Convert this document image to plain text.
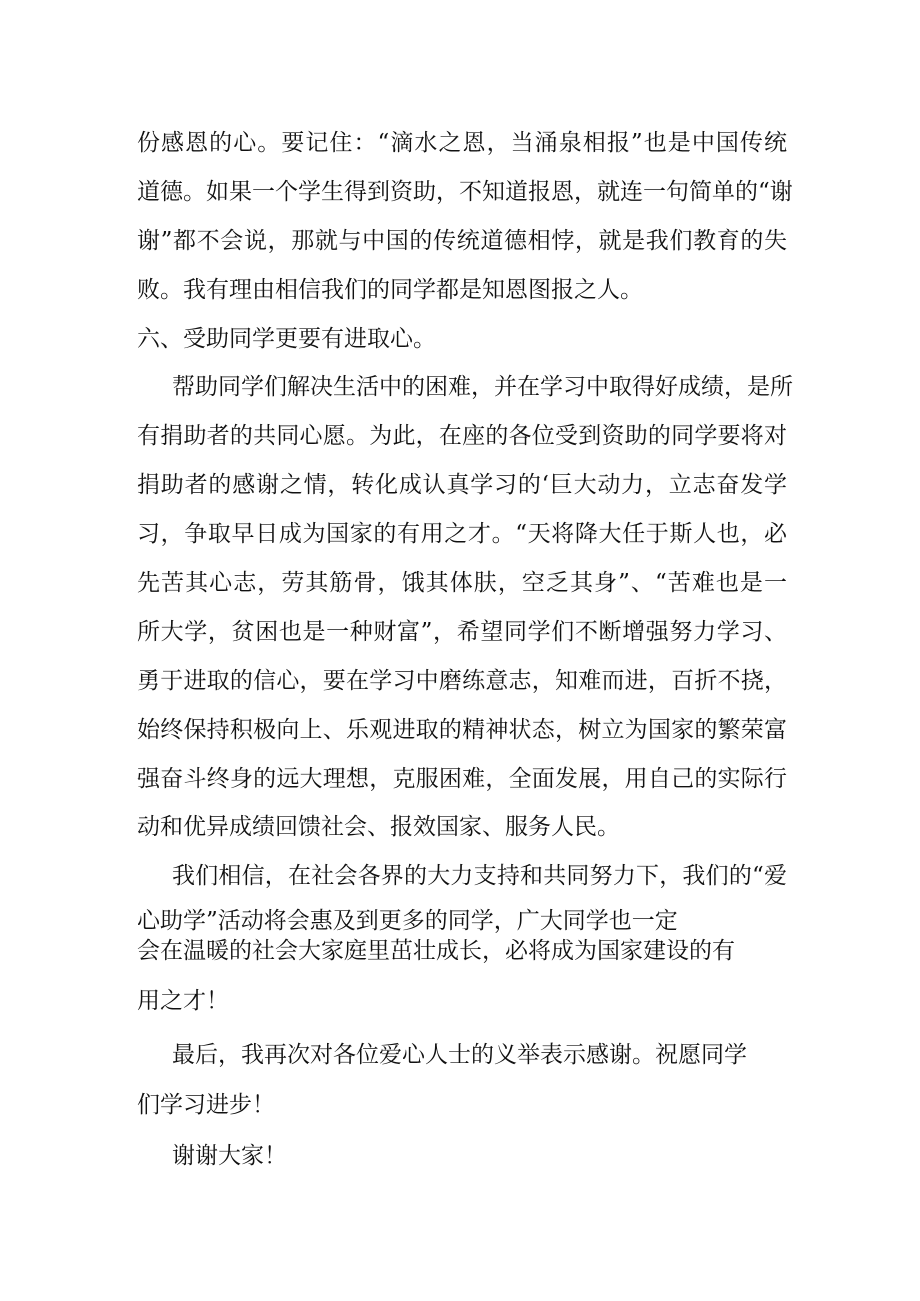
份感恩的心。要记住：“滴水之恩，当涌泉相报”也是中国传统

道德。如果一个学生得到资助，不知道报恩，就连一句简单的“谢

谢”都不会说，那就与中国的传统道德相悖，就是我们教育的失

败。我有理由相信我们的同学都是知恩图报之人。

六、受助同学更要有进取心。

帮助同学们解决生活中的困难，并在学习中取得好成绩，是所

有捐助者的共同心愿。为此，在座的各位受到资助的同学要将对

捐助者的感谢之情，转化成认真学习的‘巨大动力，立志奋发学

习，争取早日成为国家的有用之才。“天将降大任于斯人也，必

先苦其心志，劳其筋骨，饿其体肤，空乏其身”、“苦难也是一

所大学，贫困也是一种财富”，希望同学们不断增强努力学习、

勇于进取的信心，要在学习中磨练意志，知难而进，百折不挠，

始终保持积极向上、乐观进取的精神状态，树立为国家的繁荣富

强奋斗终身的远大理想，克服困难，全面发展，用自己的实际行

动和优异成绩回馈社会、报效国家、服务人民。

我们相信，在社会各界的大力支持和共同努力下，我们的“爱

心助学”活动将会惠及到更多的同学，广大同学也一定

会在温暖的社会大家庭里茁壮成长，必将成为国家建设的有

用之才！

最后，我再次对各位爱心人士的义举表示感谢。祝愿同学

们学习进步！

谢谢大家！
